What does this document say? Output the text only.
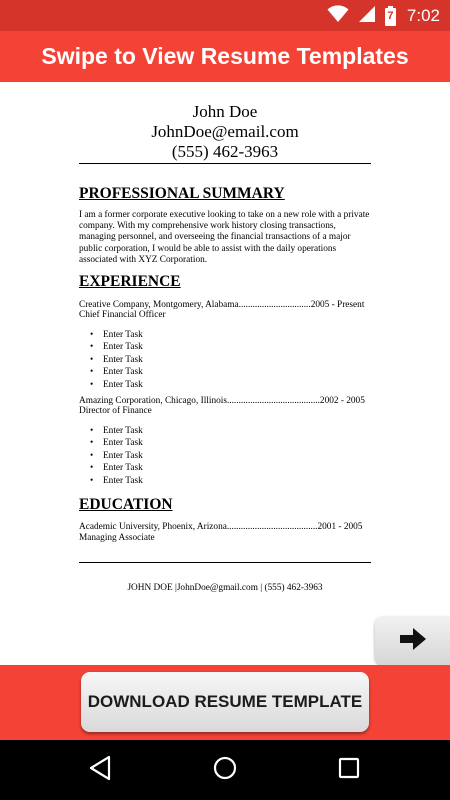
7 7:02
Swipe to View Resume Templates
John Doe
JohnDoe@email.com
(555) 462-3963
PROFESSIONAL SUMMARY
I am a former corporate executive looking to take on a new role with a private company. With my comprehensive work history closing transactions, managing personnel, and overseeing the financial transactions of a major public corporation, I would be able to assist with the daily operations associated with XYZ Corporation.
EXPERIENCE
Creative Company, Montgomery, Alabama...............................2005 - Present
Chief Financial Officer
• Enter Task
• Enter Task
• Enter Task
• Enter Task
• Enter Task
Amazing Corporation, Chicago, Illinois........................................2002 - 2005
Director of Finance
• Enter Task
• Enter Task
• Enter Task
• Enter Task
• Enter Task
EDUCATION
Academic University, Phoenix, Arizona.......................................2001 - 2005
Managing Associate
JOHN DOE |JohnDoe@gmail.com | (555) 462-3963
DOWNLOAD RESUME TEMPLATE
